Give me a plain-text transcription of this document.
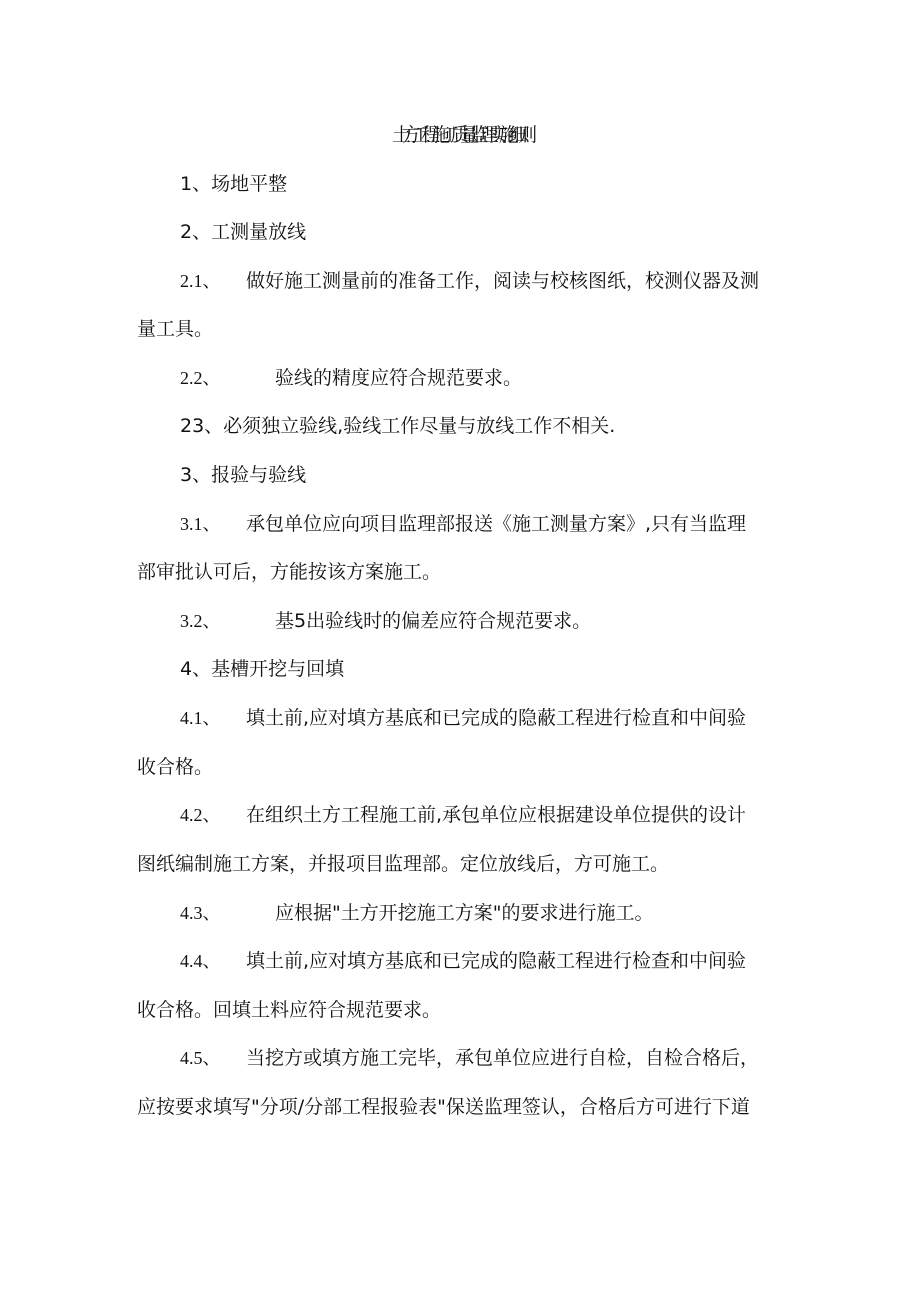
土方工程施工质量监理实施细则
1、场地平整
2、工测量放线
2.1、 做好施工测量前的准备工作，阅读与校核图纸，校测仪器及测
量工具。
2.2、	验线的精度应符合规范要求。
23、必须独立验线,验线工作尽量与放线工作不相关.
3、报验与验线
3.1、 承包单位应向项目监理部报送《施工测量方案》,只有当监理
部审批认可后，方能按该方案施工。
3.2、	基5出验线时的偏差应符合规范要求。
4、基槽开挖与回填
4.1、 填土前,应对填方基底和已完成的隐蔽工程进行检直和中间验
收合格。
4.2、 在组织土方工程施工前,承包单位应根据建设单位提供的设计
图纸编制施工方案，并报项目监理部。定位放线后，方可施工。
4.3、	应根据"土方开挖施工方案"的要求进行施工。
4.4、 填土前,应对填方基底和已完成的隐蔽工程进行检查和中间验
收合格。回填土料应符合规范要求。
4.5、 当挖方或填方施工完毕，承包单位应进行自检，自检合格后，
应按要求填写"分项/分部工程报验表"保送监理签认，合格后方可进行下道
